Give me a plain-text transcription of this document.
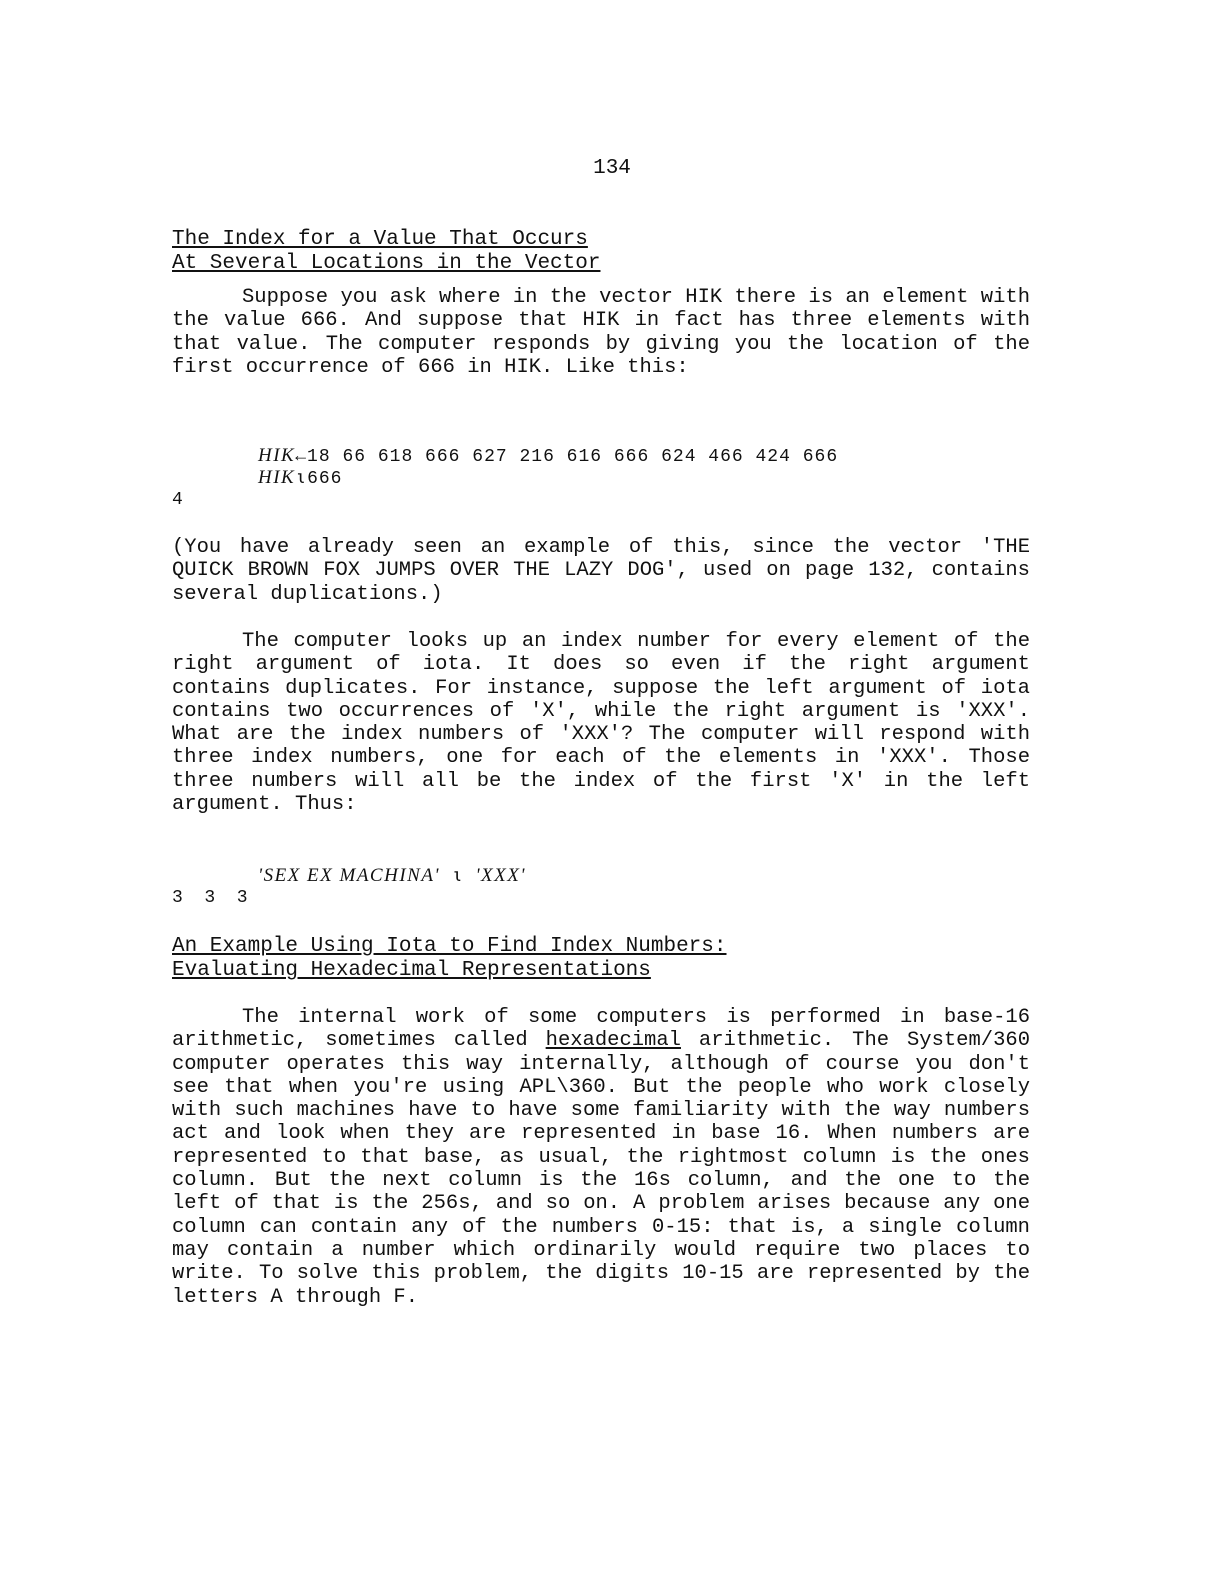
134
The Index for a Value That Occurs
At Several Locations in the Vector

Suppose you ask where in the vector HIK there is an element with the value 666. And suppose that HIK in fact has three elements with that value. The computer responds by giving you the location of the first occurrence of 666 in HIK. Like this:

HIK←18 66 618 666 627 216 616 666 624 466 424 666
HIK⍳666
4

(You have already seen an example of this, since the vector 'THE QUICK BROWN FOX JUMPS OVER THE LAZY DOG', used on page 132, contains several duplications.)

The computer looks up an index number for every element of the right argument of iota. It does so even if the right argument contains duplicates. For instance, suppose the left argument of iota contains two occurrences of 'X', while the right argument is 'XXX'. What are the index numbers of 'XXX'? The computer will respond with three index numbers, one for each of the elements in 'XXX'. Those three numbers will all be the index of the first 'X' in the left argument. Thus:

'SEX EX MACHINA' ⍳ 'XXX'
3  3  3
An Example Using Iota to Find Index Numbers:
Evaluating Hexadecimal Representations

The internal work of some computers is performed in base-16 arithmetic, sometimes called hexadecimal arithmetic. The System/360 computer operates this way internally, although of course you don't see that when you're using APL\360. But the people who work closely with such machines have to have some familiarity with the way numbers act and look when they are represented in base 16. When numbers are represented to that base, as usual, the rightmost column is the ones column. But the next column is the 16s column, and the one to the left of that is the 256s, and so on. A problem arises because any one column can contain any of the numbers 0-15: that is, a single column may contain a number which ordinarily would require two places to write. To solve this problem, the digits 10-15 are represented by the letters A through F.
